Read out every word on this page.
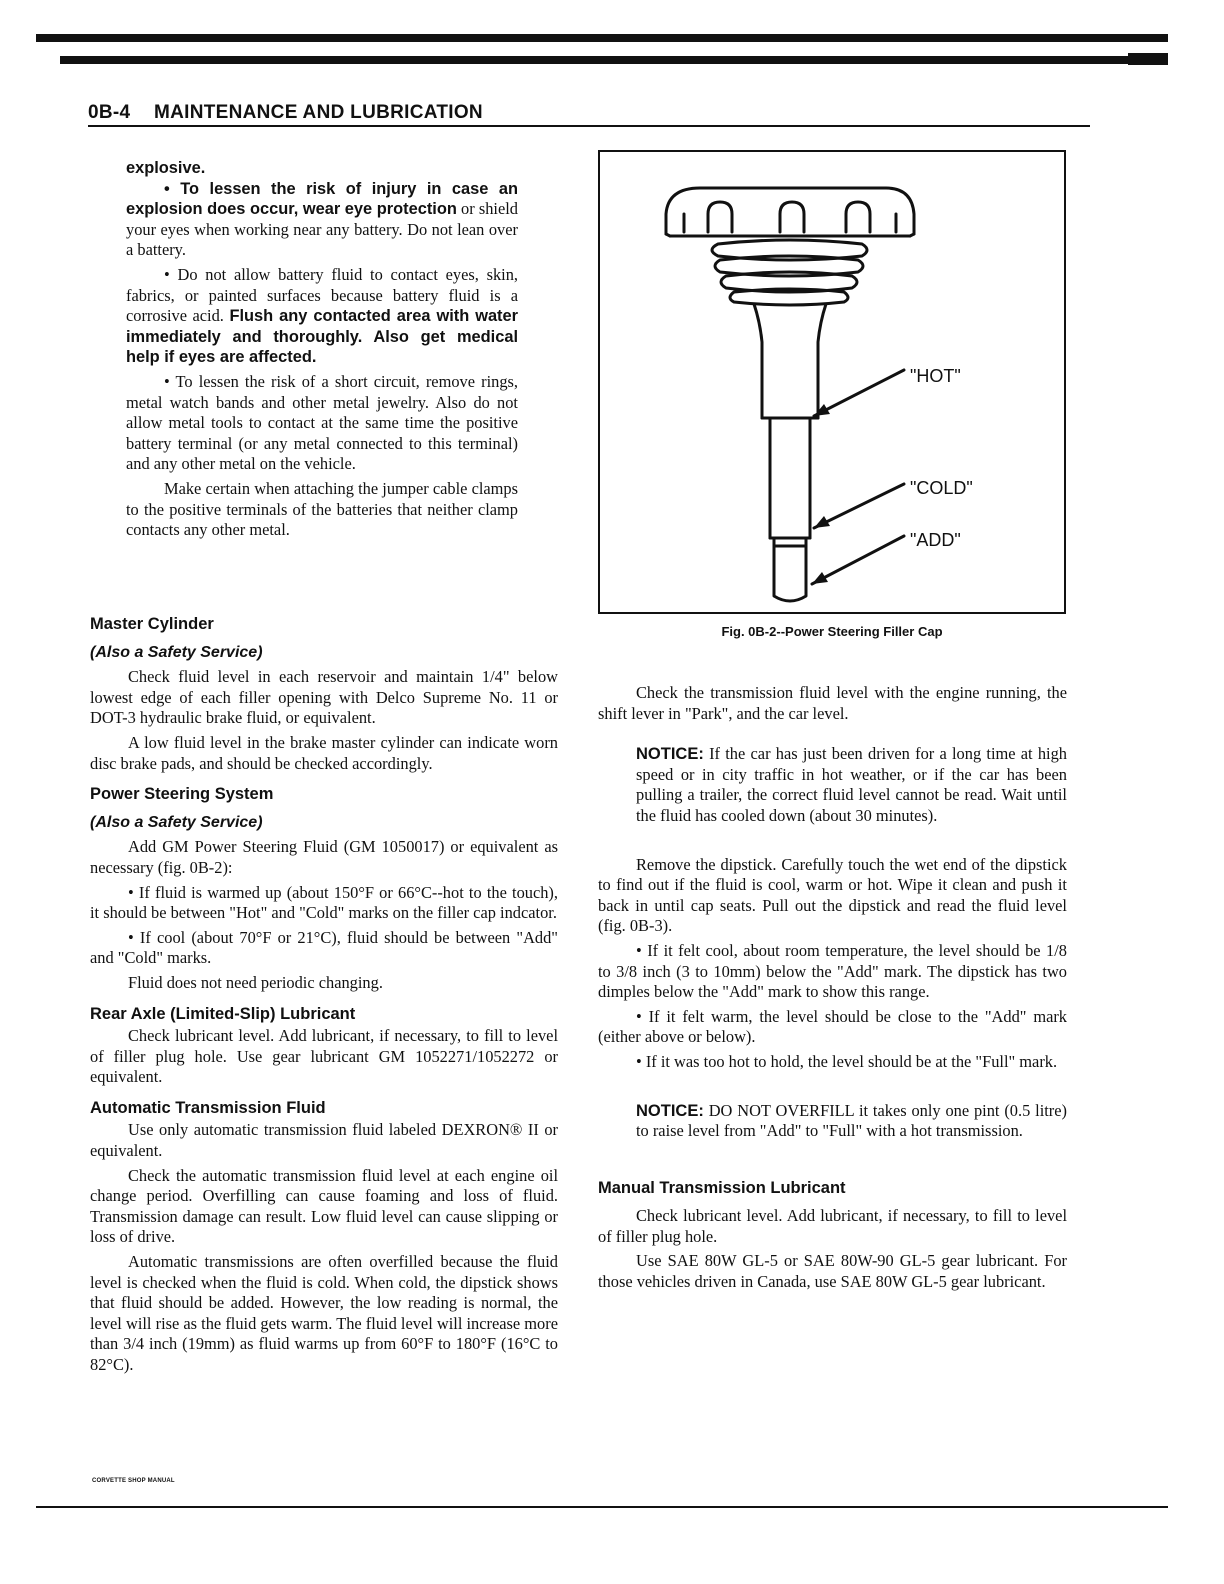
0B-4 MAINTENANCE AND LUBRICATION

explosive.

• To lessen the risk of injury in case an explosion does occur, wear eye protection or shield your eyes when working near any battery. Do not lean over a battery.

• Do not allow battery fluid to contact eyes, skin, fabrics, or painted surfaces because battery fluid is a corrosive acid. Flush any contacted area with water immediately and thoroughly. Also get medical help if eyes are affected.

• To lessen the risk of a short circuit, remove rings, metal watch bands and other metal jewelry. Also do not allow metal tools to contact at the same time the positive battery terminal (or any metal connected to this terminal) and any other metal on the vehicle.

Make certain when attaching the jumper cable clamps to the positive terminals of the batteries that neither clamp contacts any other metal.

Master Cylinder
(Also a Safety Service)

Check fluid level in each reservoir and maintain 1/4" below lowest edge of each filler opening with Delco Supreme No. 11 or DOT-3 hydraulic brake fluid, or equivalent.

A low fluid level in the brake master cylinder can indicate worn disc brake pads, and should be checked accordingly.

Power Steering System
(Also a Safety Service)

Add GM Power Steering Fluid (GM 1050017) or equivalent as necessary (fig. 0B-2):

• If fluid is warmed up (about 150°F or 66°C--hot to the touch), it should be between "Hot" and "Cold" marks on the filler cap indcator.

• If cool (about 70°F or 21°C), fluid should be between "Add" and "Cold" marks.

Fluid does not need periodic changing.

Rear Axle (Limited-Slip) Lubricant

Check lubricant level. Add lubricant, if necessary, to fill to level of filler plug hole. Use gear lubricant GM 1052271/1052272 or equivalent.

Automatic Transmission Fluid

Use only automatic transmission fluid labeled DEXRON® II or equivalent.

Check the automatic transmission fluid level at each engine oil change period. Overfilling can cause foaming and loss of fluid. Transmission damage can result. Low fluid level can cause slipping or loss of drive.

Automatic transmissions are often overfilled because the fluid level is checked when the fluid is cold. When cold, the dipstick shows that fluid should be added. However, the low reading is normal, the level will rise as the fluid gets warm. The fluid level will increase more than 3/4 inch (19mm) as fluid warms up from 60°F to 180°F (16°C to 82°C).

"HOT"
"COLD"
"ADD"
Fig. 0B-2--Power Steering Filler Cap

Check the transmission fluid level with the engine running, the shift lever in "Park", and the car level.

NOTICE: If the car has just been driven for a long time at high speed or in city traffic in hot weather, or if the car has been pulling a trailer, the correct fluid level cannot be read. Wait until the fluid has cooled down (about 30 minutes).

Remove the dipstick. Carefully touch the wet end of the dipstick to find out if the fluid is cool, warm or hot. Wipe it clean and push it back in until cap seats. Pull out the dipstick and read the fluid level (fig. 0B-3).

• If it felt cool, about room temperature, the level should be 1/8 to 3/8 inch (3 to 10mm) below the "Add" mark. The dipstick has two dimples below the "Add" mark to show this range.

• If it felt warm, the level should be close to the "Add" mark (either above or below).

• If it was too hot to hold, the level should be at the "Full" mark.

NOTICE: DO NOT OVERFILL it takes only one pint (0.5 litre) to raise level from "Add" to "Full" with a hot transmission.

Manual Transmission Lubricant

Check lubricant level. Add lubricant, if necessary, to fill to level of filler plug hole.

Use SAE 80W GL-5 or SAE 80W-90 GL-5 gear lubricant. For those vehicles driven in Canada, use SAE 80W GL-5 gear lubricant.

CORVETTE SHOP MANUAL
